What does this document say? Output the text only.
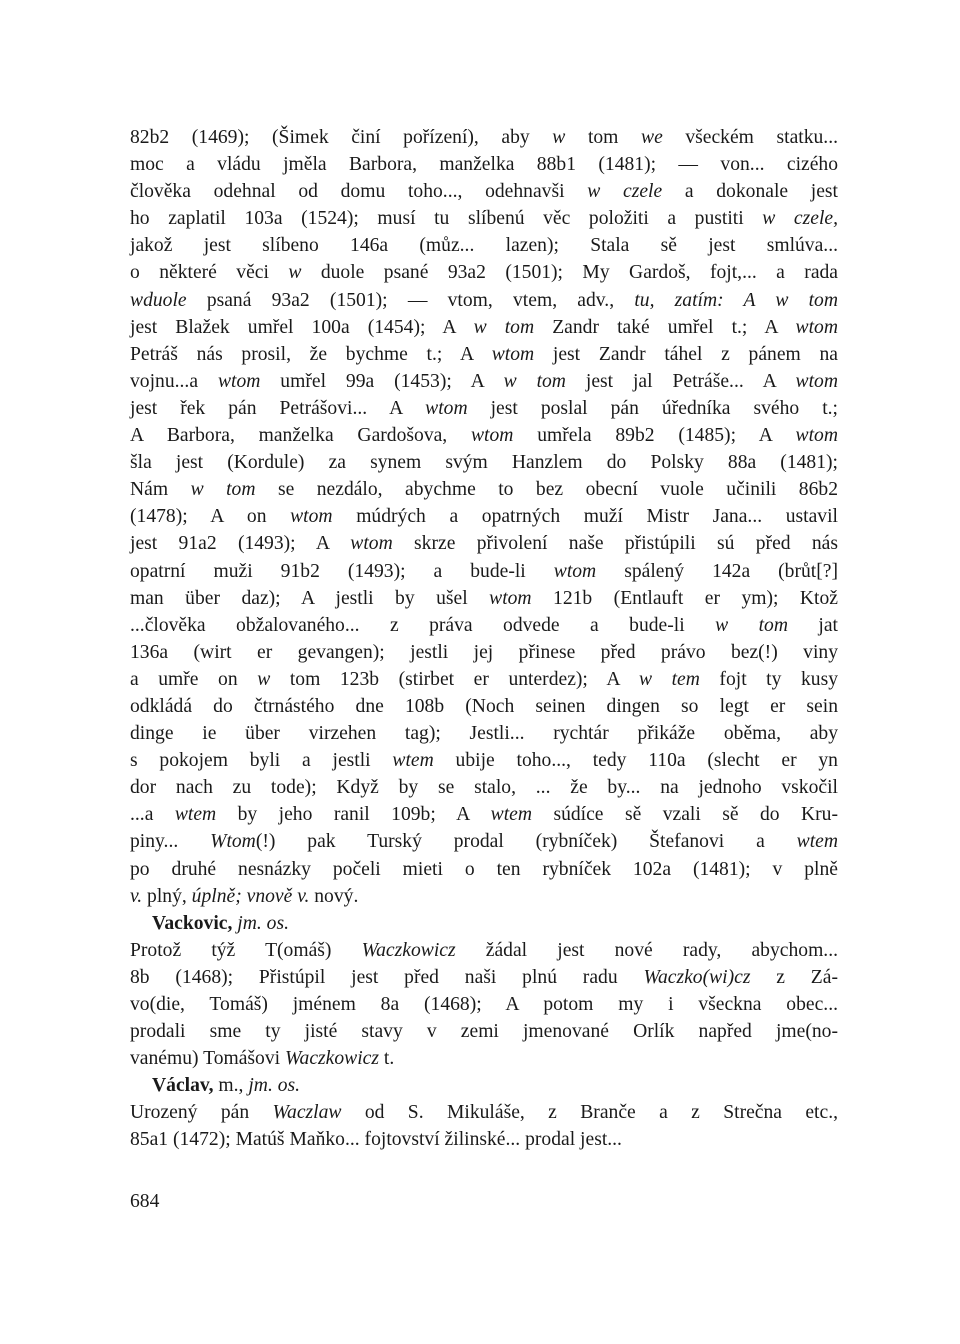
82b2 (1469); (Šimek činí pořízení), aby w tom we všeckém statku...
moc a vládu jměla Barbora, manželka 88b1 (1481); — von... cizého
člověka odehnal od domu toho..., odehnavši w czele a dokonale jest
ho zaplatil 103a (1524); musí tu slíbenú věc položiti a pustiti w czele,
jakož jest slíbeno 146a (můz... lazen); Stala sě jest smlúva...
o některé věci w duole psané 93a2 (1501); My Gardoš, fojt,... a rada
wduole psaná 93a2 (1501); — vtom, vtem, adv., tu, zatím: A w tom
jest Blažek umřel 100a (1454); A w tom Zandr také umřel t.; A wtom
Petráš nás prosil, že bychme t.; A wtom jest Zandr táhel z pánem na
vojnu...a wtom umřel 99a (1453); A w tom jest jal Petráše... A wtom
jest řek pán Petrášovi... A wtom jest poslal pán úředníka svého t.;
A Barbora, manželka Gardošova, wtom umřela 89b2 (1485); A wtom
šla jest (Kordule) za synem svým Hanzlem do Polsky 88a (1481);
Nám w tom se nezdálo, abychme to bez obecní vuole učinili 86b2
(1478); A on wtom múdrých a opatrných muží Mistr Jana... ustavil
jest 91a2 (1493); A wtom skrze přivolení naše přistúpili sú před nás
opatrní muži 91b2 (1493); a bude-li wtom spálený 142a (brůt[?]
man über daz); A jestli by ušel wtom 121b (Entlauft er ym); Ktož
...člověka obžalovaného... z práva odvede a bude-li w tom jat
136a (wirt er gevangen); jestli jej přinese před právo bez(!) viny
a umře on w tom 123b (stirbet er unterdez); A w tem fojt ty kusy
odkládá do čtrnástého dne 108b (Noch seinen dingen so legt er sein
dinge ie über virzehen tag); Jestli... rychtár přikáže oběma, aby
s pokojem byli a jestli wtem ubije toho..., tedy 110a (slecht er yn
dor nach zu tode); Když by se stalo, ... že by... na jednoho vskočil
...a wtem by jeho ranil 109b; A wtem súdíce sě vzali sě do Kru-
piny... Wtom(!) pak Turský prodal (rybníček) Štefanovi a wtem
po druhé nesnázky počeli mieti o ten rybníček 102a (1481); v plně
v. plný, úplně; vnově v. nový.
Vackovic, jm. os.
Protož týž T(omáš) Waczkowicz žádal jest nové rady, abychom...
8b (1468); Přistúpil jest před naši plnú radu Waczko(wi)cz z Zá-
vo(die, Tomáš) jménem 8a (1468); A potom my i všeckna obec...
prodali sme ty jisté stavy v zemi jmenované Orlík napřed jme(no-
vanému) Tomášovi Waczkowicz t.
Václav, m., jm. os.
Urozený pán Waczlaw od S. Mikuláše, z Branče a z Strečna etc.,
85a1 (1472); Matúš Maňko... fojtovství žilinské... prodal jest...
684
